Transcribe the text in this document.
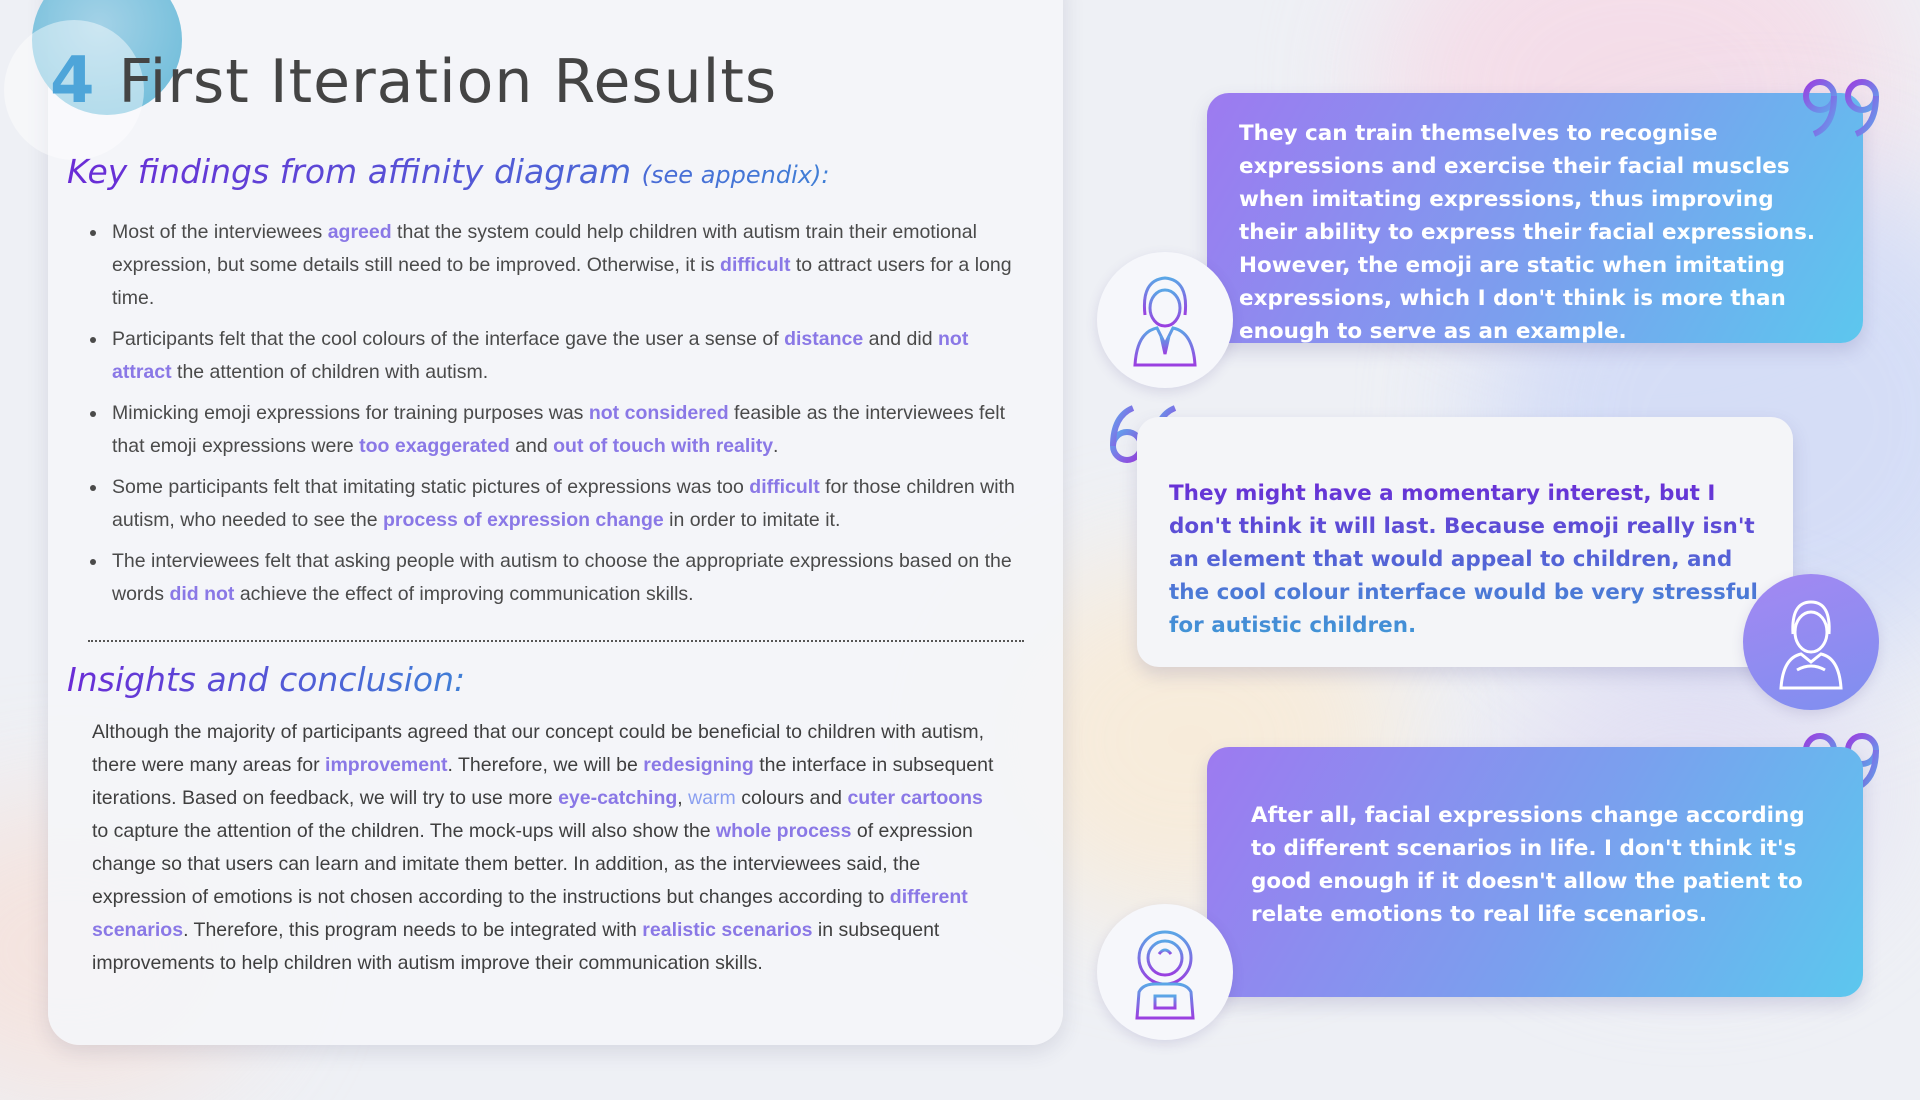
4 First Iteration Results
Key findings from affinity diagram (see appendix):
• Most of the interviewees agreed that the system could help children with autism train their emotional expression, but some details still need to be improved. Otherwise, it is difficult to attract users for a long time.
• Participants felt that the cool colours of the interface gave the user a sense of distance and did not attract the attention of children with autism.
• Mimicking emoji expressions for training purposes was not considered feasible as the interviewees felt that emoji expressions were too exaggerated and out of touch with reality.
• Some participants felt that imitating static pictures of expressions was too difficult for those children with autism, who needed to see the process of expression change in order to imitate it.
• The interviewees felt that asking people with autism to choose the appropriate expressions based on the words did not achieve the effect of improving communication skills.
Insights and conclusion:

Although the majority of participants agreed that our concept could be beneficial to children with autism, there were many areas for improvement. Therefore, we will be redesigning the interface in subsequent iterations. Based on feedback, we will try to use more eye-catching, warm colours and cuter cartoons to capture the attention of the children. The mock-ups will also show the whole process of expression change so that users can learn and imitate them better. In addition, as the interviewees said, the expression of emotions is not chosen according to the instructions but changes according to different scenarios. Therefore, this program needs to be integrated with realistic scenarios in subsequent improvements to help children with autism improve their communication skills.

They can train themselves to recognise expressions and exercise their facial muscles when imitating expressions, thus improving their ability to express their facial expressions. However, the emoji are static when imitating expressions, which I don't think is more than enough to serve as an example.
They might have a momentary interest, but I don't think it will last. Because emoji really isn't an element that would appeal to children, and the cool colour interface would be very stressful for autistic children.
After all, facial expressions change according to different scenarios in life. I don't think it's good enough if it doesn't allow the patient to relate emotions to real life scenarios.
